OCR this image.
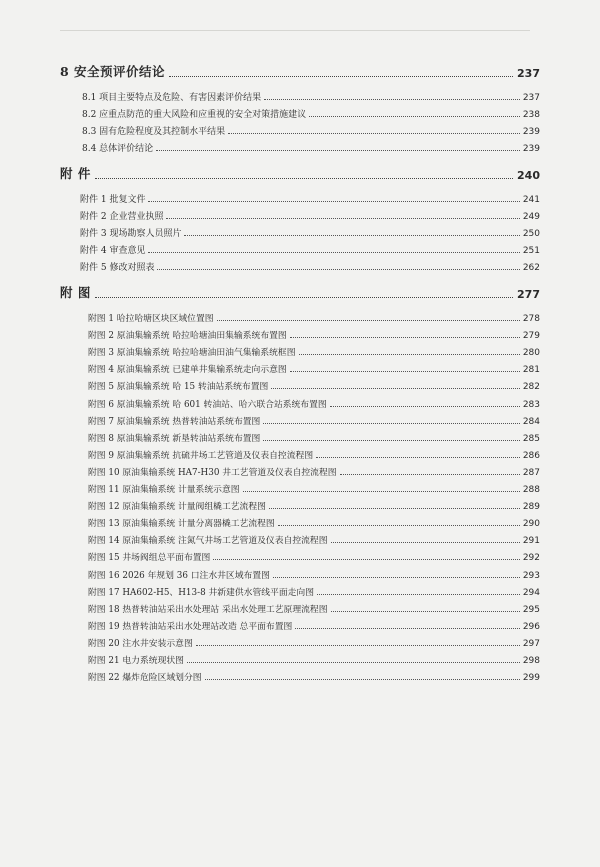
8 安全预评价结论	237
8.1 项目主要特点及危险、有害因素评价结果	237
8.2 应重点防范的重大风险和应重视的安全对策措施建议	238
8.3 固有危险程度及其控制水平结果	239
8.4 总体评价结论	239
附 件	240
附件 1 批复文件	241
附件 2 企业营业执照	249
附件 3 现场勘察人员照片	250
附件 4 审查意见	251
附件 5 修改对照表	262
附 图	277
附图 1 哈拉哈塘区块区域位置图	278
附图 2 原油集输系统 哈拉哈塘油田集输系统布置图	279
附图 3 原油集输系统 哈拉哈塘油田油气集输系统框图	280
附图 4 原油集输系统 已建单井集输系统走向示意图	281
附图 5 原油集输系统 哈 15 转油站系统布置图	282
附图 6 原油集输系统 哈 601 转油站、哈六联合站系统布置图	283
附图 7 原油集输系统 热普转油站系统布置图	284
附图 8 原油集输系统 新垦转油站系统布置图	285
附图 9 原油集输系统 抗硫井场工艺管道及仪表自控流程图	286
附图 10 原油集输系统 HA7-H30 井工艺管道及仪表自控流程图	287
附图 11 原油集输系统 计量系统示意图	288
附图 12 原油集输系统 计量阀组橇工艺流程图	289
附图 13 原油集输系统 计量分离器橇工艺流程图	290
附图 14 原油集输系统 注氮气井场工艺管道及仪表自控流程图	291
附图 15 井场阀组总平面布置图	292
附图 16 2026 年规划 36 口注水井区域布置图	293
附图 17 HA602-H5、H13-8 井新建供水管线平面走向图	294
附图 18 热普转油站采出水处理站 采出水处理工艺原理流程图	295
附图 19 热普转油站采出水处理站改造 总平面布置图	296
附图 20 注水井安装示意图	297
附图 21 电力系统现状图	298
附图 22 爆炸危险区域划分图	299
